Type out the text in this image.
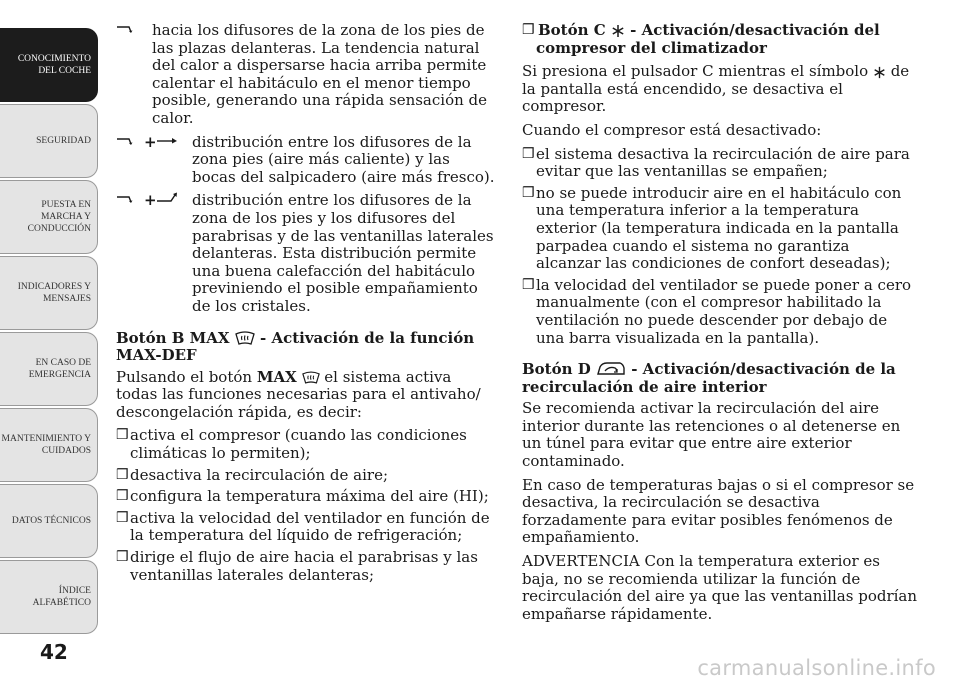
CONOCIMIENTO
DEL COCHE
SEGURIDAD
PUESTA EN
MARCHA Y
CONDUCCIÓN
INDICADORES Y
MENSAJES
EN CASO DE
EMERGENCIA
MANTENIMIENTO Y
CUIDADOS
DATOS TÉCNICOS
ÍNDICE
ALFABÉTICO
42
hacia los difusores de la zona de los pies de las plazas delanteras. La tendencia natural del calor a dispersarse hacia arriba permite calentar el habitáculo en el menor tiempo posible, generando una rápida sensación de calor.
+ distribución entre los difusores de la zona pies (aire más caliente) y las bocas del salpicadero (aire más fresco).
+ distribución entre los difusores de la zona de los pies y los difusores del parabrisas y de las ventanillas laterales delanteras. Esta distribución permite una buena calefacción del habitáculo previniendo el posible empañamiento de los cristales.
Botón B MAX - Activación de la función MAX-DEF

Pulsando el botón MAX el sistema activa todas las funciones necesarias para el antivaho/ descongelación rápida, es decir:

❒ activa el compresor (cuando las condiciones climáticas lo permiten);
❒ desactiva la recirculación de aire;
❒ configura la temperatura máxima del aire (HI);
❒ activa la velocidad del ventilador en función de la temperatura del líquido de refrigeración;
❒ dirige el flujo de aire hacia el parabrisas y las ventanillas laterales delanteras;
❒ Botón C - Activación/desactivación del compresor del climatizador

Si presiona el pulsador C mientras el símbolo de la pantalla está encendido, se desactiva el compresor.

Cuando el compresor está desactivado:

❒ el sistema desactiva la recirculación de aire para evitar que las ventanillas se empañen;
❒ no se puede introducir aire en el habitáculo con una temperatura inferior a la temperatura exterior (la temperatura indicada en la pantalla parpadea cuando el sistema no garantiza alcanzar las condiciones de confort deseadas);
❒ la velocidad del ventilador se puede poner a cero manualmente (con el compresor habilitado la ventilación no puede descender por debajo de una barra visualizada en la pantalla).
Botón D	- Activación/desactivación de la recirculación de aire interior

Se recomienda activar la recirculación del aire interior durante las retenciones o al detenerse en un túnel para evitar que entre aire exterior contaminado.

En caso de temperaturas bajas o si el compresor se desactiva, la recirculación se desactiva forzadamente para evitar posibles fenómenos de empañamiento.

ADVERTENCIA Con la temperatura exterior es baja, no se recomienda utilizar la función de recirculación del aire ya que las ventanillas podrían empañarse rápidamente.

carmanualsonline.info
